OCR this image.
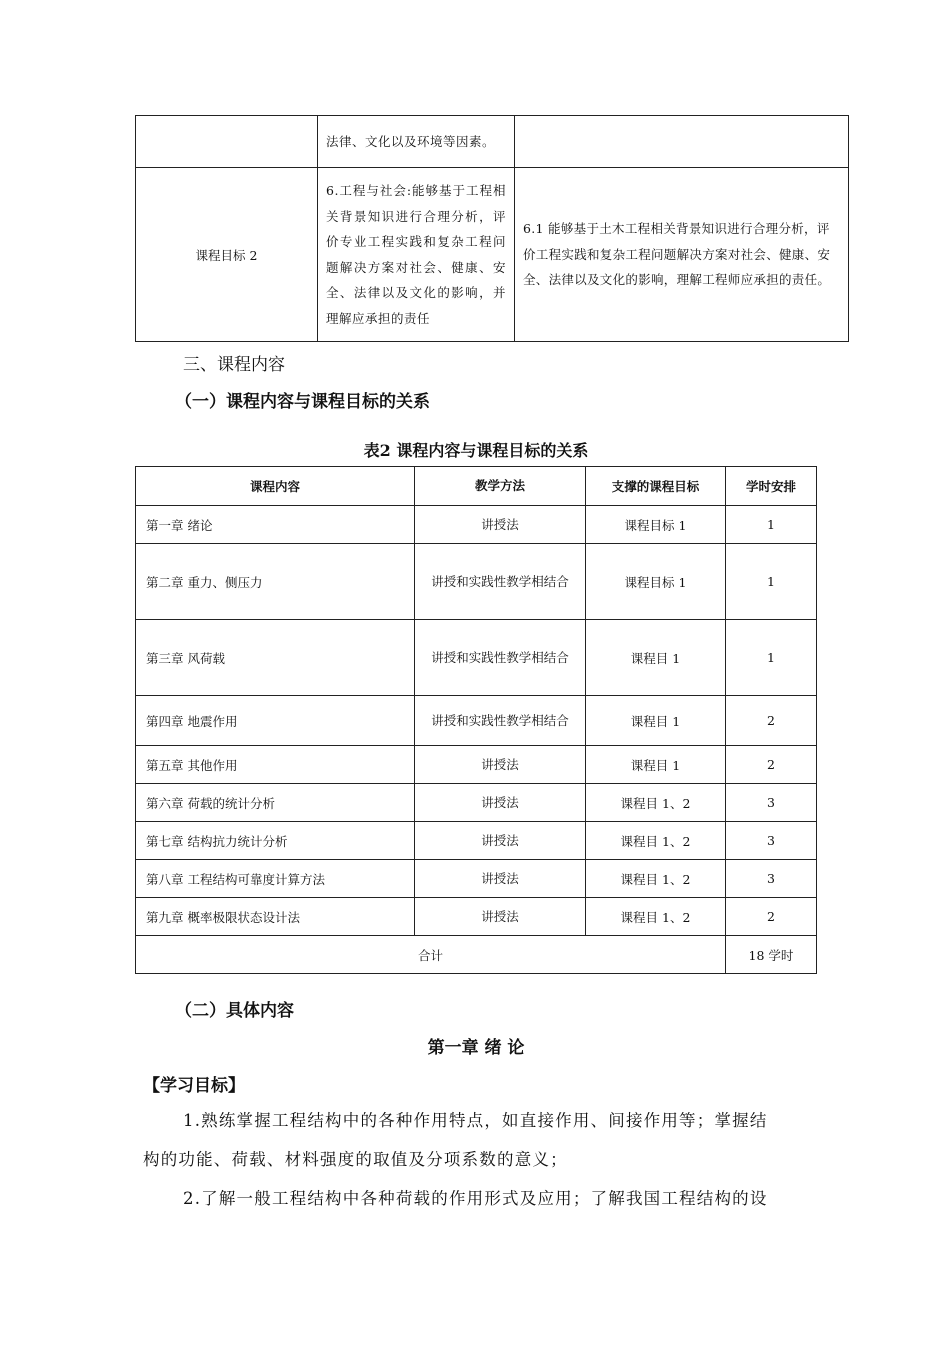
	法律、文化以及环境等因素。	
课程目标 2	6.工程与社会:能够基于工程相关背景知识进行合理分析，评价专业工程实践和复杂工程问题解决方案对社会、健康、安全、法律以及文化的影响，并理解应承担的责任	6.1 能够基于土木工程相关背景知识进行合理分析，评价工程实践和复杂工程问题解决方案对社会、健康、安全、法律以及文化的影响，理解工程师应承担的责任。
三、课程内容
（一）课程内容与课程目标的关系
表2 课程内容与课程目标的关系
课程内容	教学方法	支撑的课程目标	学时安排
第一章 绪论	讲授法	课程目标 1	1
第二章 重力、侧压力	讲授和实践性教学相结合	课程目标 1	1
第三章 风荷载	讲授和实践性教学相结合	课程目 1	1
第四章 地震作用	讲授和实践性教学相结合	课程目 1	2
第五章 其他作用	讲授法	课程目 1	2
第六章 荷载的统计分析	讲授法	课程目 1、2	3
第七章 结构抗力统计分析	讲授法	课程目 1、2	3
第八章 工程结构可靠度计算方法	讲授法	课程目 1、2	3
第九章 概率极限状态设计法	讲授法	课程目 1、2	2
合计			18 学时
（二）具体内容
第一章 绪 论
【学习目标】
1.熟练掌握工程结构中的各种作用特点，如直接作用、间接作用等；掌握结
构的功能、荷载、材料强度的取值及分项系数的意义；
2.了解一般工程结构中各种荷载的作用形式及应用；了解我国工程结构的设
